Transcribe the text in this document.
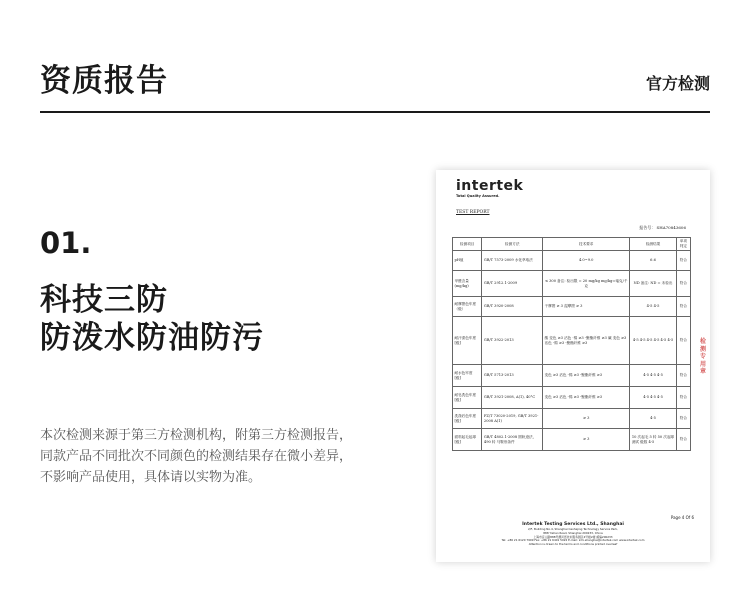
资质报告	官方检测
01.
科技三防
防泼水防油防污
本次检测来源于第三方检测机构，附第三方检测报告，
同款产品不同批次不同颜色的检测结果存在微小差异，
不影响产品使用，具体请以实物为准。
intertek
Total Quality Assured.
TEST REPORT
报告号： SHA70843606
检测项目	检测方法	技术要求	检测结果	单项判定
pH值	GB/T 7573-2009 水化萃取法	4.0~9.0	6.6	符合
甲醛含量 (mg/kg)	GB/T 2912.1-2009	≤ 300 备注: 检出限 = 20 mg/kg mg/kg=毫克/千克	ND 备注: ND = 未检出	符合
耐摩擦色牢度（级）	GB/T 3920-2008	干摩擦 ≥ 3 湿摩擦 ≥ 3	4-5 4-5	符合
耐汗渍色牢度 [级]	GB/T 3922-2013	酸 变色 ≥3 沾色 -棉 ≥3 -聚酯纤维 ≥3 碱 变色 ≥3 沾色 -棉 ≥3 -聚酯纤维 ≥3	4-5 4-5 4-5 4-5 4-5 4-5	符合
耐水色牢度 [级]	GB/T 5713-2013	变色 ≥3 沾色 -棉 ≥3 -聚酯纤维 ≥3	4-5 4-5 4-5	符合
耐皂洗色牢度 [级]	GB/T 3921-2008, A(1), 40°C	变色 ≥3 沾色 -棉 ≥3 -聚酯纤维 ≥3	4-5 4-5 4-5	符合
洗涤后色牢度 [级]	FZ/T 73020-2019, GB/T 3921-2008 A(1)	≥ 3	4-5	符合
面料起毛起球 [级]	GB/T 4802.1-2008 圆轨迹法，490 转 马鞍形条件	≥ 3	10 次起毛 5 转 50 次起球测试 级数 4-5	符合
Page 4 Of 6
Intertek Testing Services Ltd., Shanghai
2/F, Building No.4, Shanghai Caohejing Technology Service Park,
888 Yishan Road, Shanghai 200233, China
上海市宜山路888号漕河泾技术服务园区4号楼2楼 邮编200233
Tel: +86 21 6120 7999 Fax: +86 21 6401 5022 E-mail: info.shanghai@intertek.com www.intertek.com
Attention is drawn to the terms and conditions printed overleaf
检测专用章
